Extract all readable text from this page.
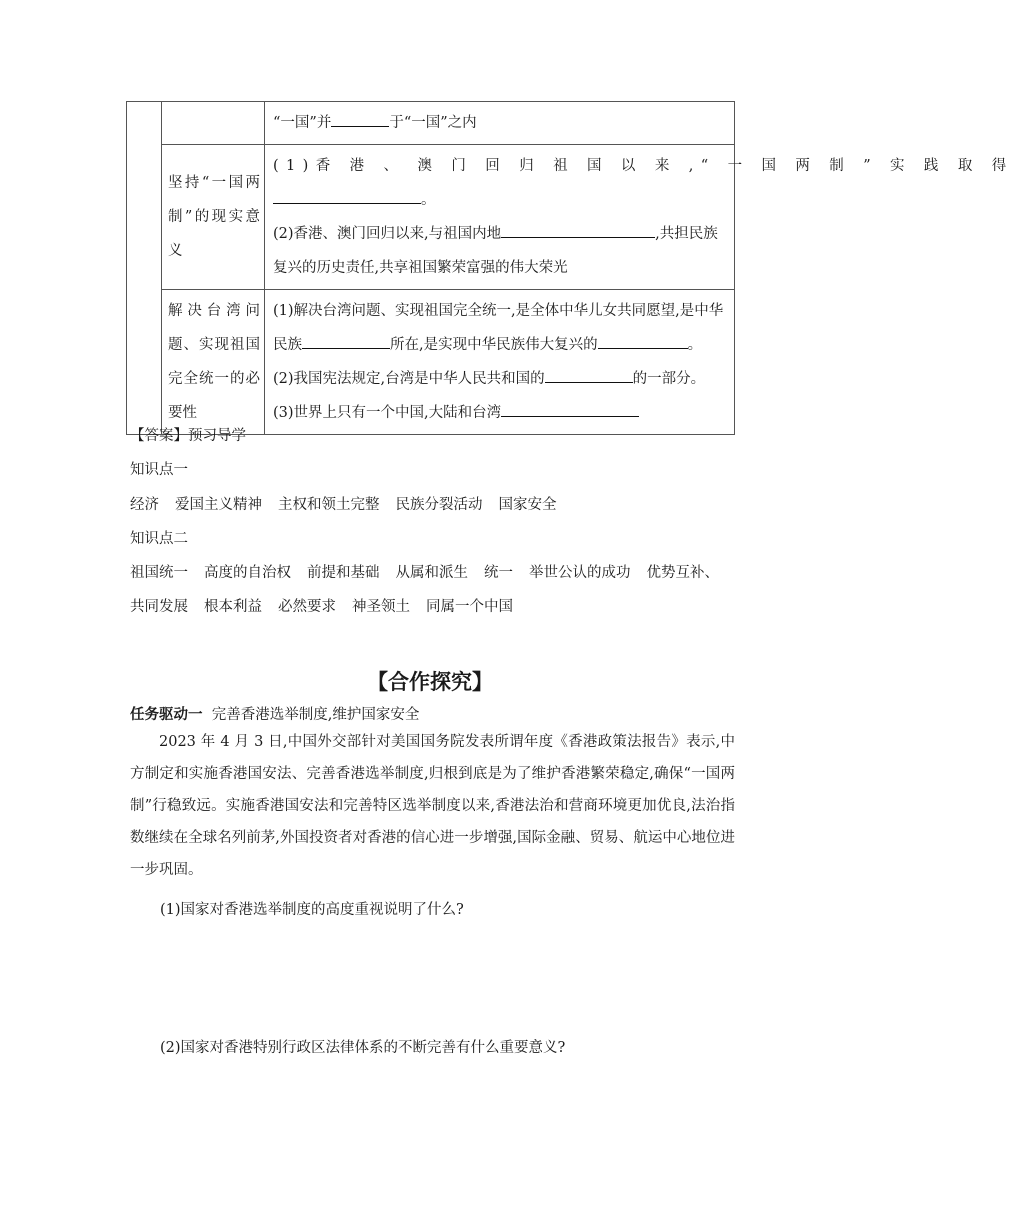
		“一国”并 于“一国”之内

	坚持“一国两制”的现实意义	(1)香 港 、 澳 门 回 归 祖 国 以 来 ,“ 一 国 两 制 ” 实 践 取 得
。
(2)香港、澳门回归以来,与祖国内地 ,共担民族
复兴的历史责任,共享祖国繁荣富强的伟大荣光

	解决台湾问题、实现祖国完全统一的必要性	(1)解决台湾问题、实现祖国完全统一,是全体中华儿女共同愿望,是中华
民族 所在,是实现中华民族伟大复兴的 。
(2)我国宪法规定,台湾是中华人民共和国的 的一部分。
(3)世界上只有一个中国,大陆和台湾
【答案】预习导学
知识点一
经济 爱国主义精神 主权和领土完整 民族分裂活动 国家安全
知识点二
祖国统一 高度的自治权 前提和基础 从属和派生 统一 举世公认的成功 优势互补、
共同发展 根本利益 必然要求 神圣领土 同属一个中国
【合作探究】
任务驱动一 完善香港选举制度,维护国家安全
2023 年 4 月 3 日,中国外交部针对美国国务院发表所谓年度《香港政策法报告》表示,中方制定和实施香港国安法、完善香港选举制度,归根到底是为了维护香港繁荣稳定,确保“一国两制”行稳致远。实施香港国安法和完善特区选举制度以来,香港法治和营商环境更加优良,法治指数继续在全球名列前茅,外国投资者对香港的信心进一步增强,国际金融、贸易、航运中心地位进一步巩固。
(1)国家对香港选举制度的高度重视说明了什么?
(2)国家对香港特别行政区法律体系的不断完善有什么重要意义?
